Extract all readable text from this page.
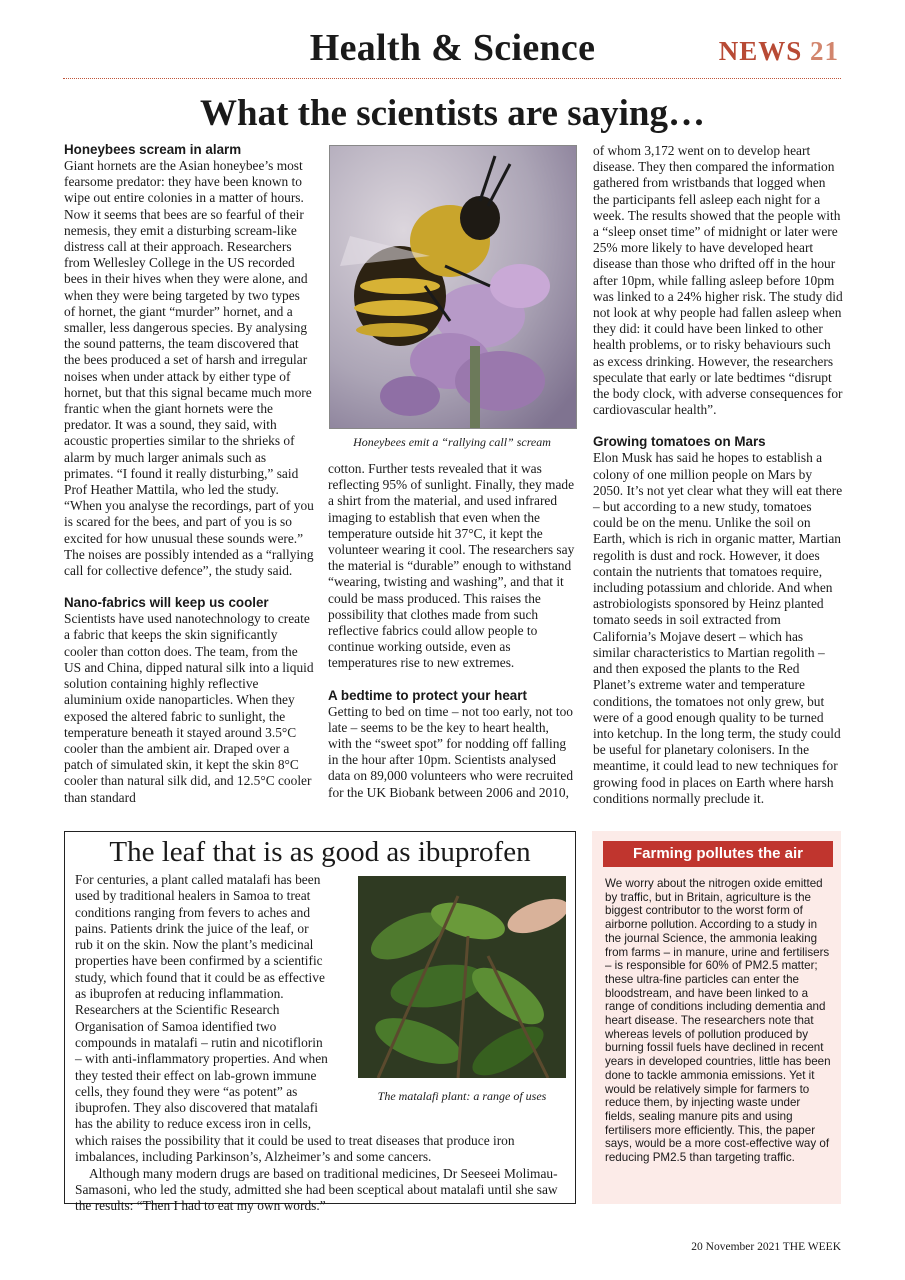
Health & Science	NEWS 21
What the scientists are saying…
Honeybees scream in alarm

Giant hornets are the Asian honeybee’s most fearsome predator: they have been known to wipe out entire colonies in a matter of hours. Now it seems that bees are so fearful of their nemesis, they emit a disturbing scream-like distress call at their approach. Researchers from Wellesley College in the US recorded bees in their hives when they were alone, and when they were being targeted by two types of hornet, the giant “murder” hornet, and a smaller, less dangerous species. By analysing the sound patterns, the team discovered that the bees produced a set of harsh and irregular noises when under attack by either type of hornet, but that this signal became much more frantic when the giant hornets were the predator. It was a sound, they said, with acoustic properties similar to the shrieks of alarm by much larger animals such as primates. “I found it really disturbing,” said Prof Heather Mattila, who led the study. “When you analyse the recordings, part of you is scared for the bees, and part of you is so excited for how unusual these sounds were.” The noises are possibly intended as a “rallying call for collective defence”, the study said.

Nano-fabrics will keep us cooler

Scientists have used nanotechnology to create a fabric that keeps the skin significantly cooler than cotton does. The team, from the US and China, dipped natural silk into a liquid solution containing highly reflective aluminium oxide nanoparticles. When they exposed the altered fabric to sunlight, the temperature beneath it stayed around 3.5°C cooler than the ambient air. Draped over a patch of simulated skin, it kept the skin 8°C cooler than natural silk did, and 12.5°C cooler than standard

Honeybees emit a “rallying call” scream

cotton. Further tests revealed that it was reflecting 95% of sunlight. Finally, they made a shirt from the material, and used infrared imaging to establish that even when the temperature outside hit 37°C, it kept the volunteer wearing it cool. The researchers say the material is “durable” enough to withstand “wearing, twisting and washing”, and that it could be mass produced. This raises the possibility that clothes made from such reflective fabrics could allow people to continue working outside, even as temperatures rise to new extremes.

A bedtime to protect your heart

Getting to bed on time – not too early, not too late – seems to be the key to heart health, with the “sweet spot” for nodding off falling in the hour after 10pm. Scientists analysed data on 89,000 volunteers who were recruited for the UK Biobank between 2006 and 2010,

of whom 3,172 went on to develop heart disease. They then compared the information gathered from wristbands that logged when the participants fell asleep each night for a week. The results showed that the people with a “sleep onset time” of midnight or later were 25% more likely to have developed heart disease than those who drifted off in the hour after 10pm, while falling asleep before 10pm was linked to a 24% higher risk. The study did not look at why people had fallen asleep when they did: it could have been linked to other health problems, or to risky behaviours such as excess drinking. However, the researchers speculate that early or late bedtimes “disrupt the body clock, with adverse consequences for cardiovascular health”.

Growing tomatoes on Mars

Elon Musk has said he hopes to establish a colony of one million people on Mars by 2050. It’s not yet clear what they will eat there – but according to a new study, tomatoes could be on the menu. Unlike the soil on Earth, which is rich in organic matter, Martian regolith is dust and rock. However, it does contain the nutrients that tomatoes require, including potassium and chloride. And when astrobiologists sponsored by Heinz planted tomato seeds in soil extracted from California’s Mojave desert – which has similar characteristics to Martian regolith – and then exposed the plants to the Red Planet’s extreme water and temperature conditions, the tomatoes not only grew, but were of a good enough quality to be turned into ketchup. In the long term, the study could be useful for planetary colonisers. In the meantime, it could lead to new techniques for growing food in places on Earth where harsh conditions normally preclude it.

The leaf that is as good as ibuprofen
For centuries, a plant called matalafi has been
used by traditional healers in Samoa to treat
conditions ranging from fevers to aches and
pains. Patients drink the juice of the leaf, or
rub it on the skin. Now the plant’s medicinal
properties have been confirmed by a scientific
study, which found that it could be as effective
as ibuprofen at reducing inflammation.
Researchers at the Scientific Research
Organisation of Samoa identified two
compounds in matalafi – rutin and nicotiflorin
– with anti-inflammatory properties. And when
they tested their effect on lab-grown immune
cells, they found they were “as potent” as
ibuprofen. They also discovered that matalafi
has the ability to reduce excess iron in cells,

which raises the possibility that it could be used to treat diseases that produce iron imbalances, including Parkinson’s, Alzheimer’s and some cancers.

Although many modern drugs are based on traditional medicines, Dr Seeseei Molimau-Samasoni, who led the study, admitted she had been sceptical about matalafi until she saw the results: “Then I had to eat my own words.”

The matalafi plant: a range of uses
Farming pollutes the air

We worry about the nitrogen oxide emitted by traffic, but in Britain, agriculture is the biggest contributor to the worst form of airborne pollution. According to a study in the journal Science, the ammonia leaking from farms – in manure, urine and fertilisers – is responsible for 60% of PM2.5 matter; these ultra-fine particles can enter the bloodstream, and have been linked to a range of conditions including dementia and heart disease. The researchers note that whereas levels of pollution produced by burning fossil fuels have declined in recent years in developed countries, little has been done to tackle ammonia emissions. Yet it would be relatively simple for farmers to reduce them, by injecting waste under fields, sealing manure pits and using fertilisers more efficiently. This, the paper says, would be a more cost-effective way of reducing PM2.5 than targeting traffic.

20 November 2021 THE WEEK
